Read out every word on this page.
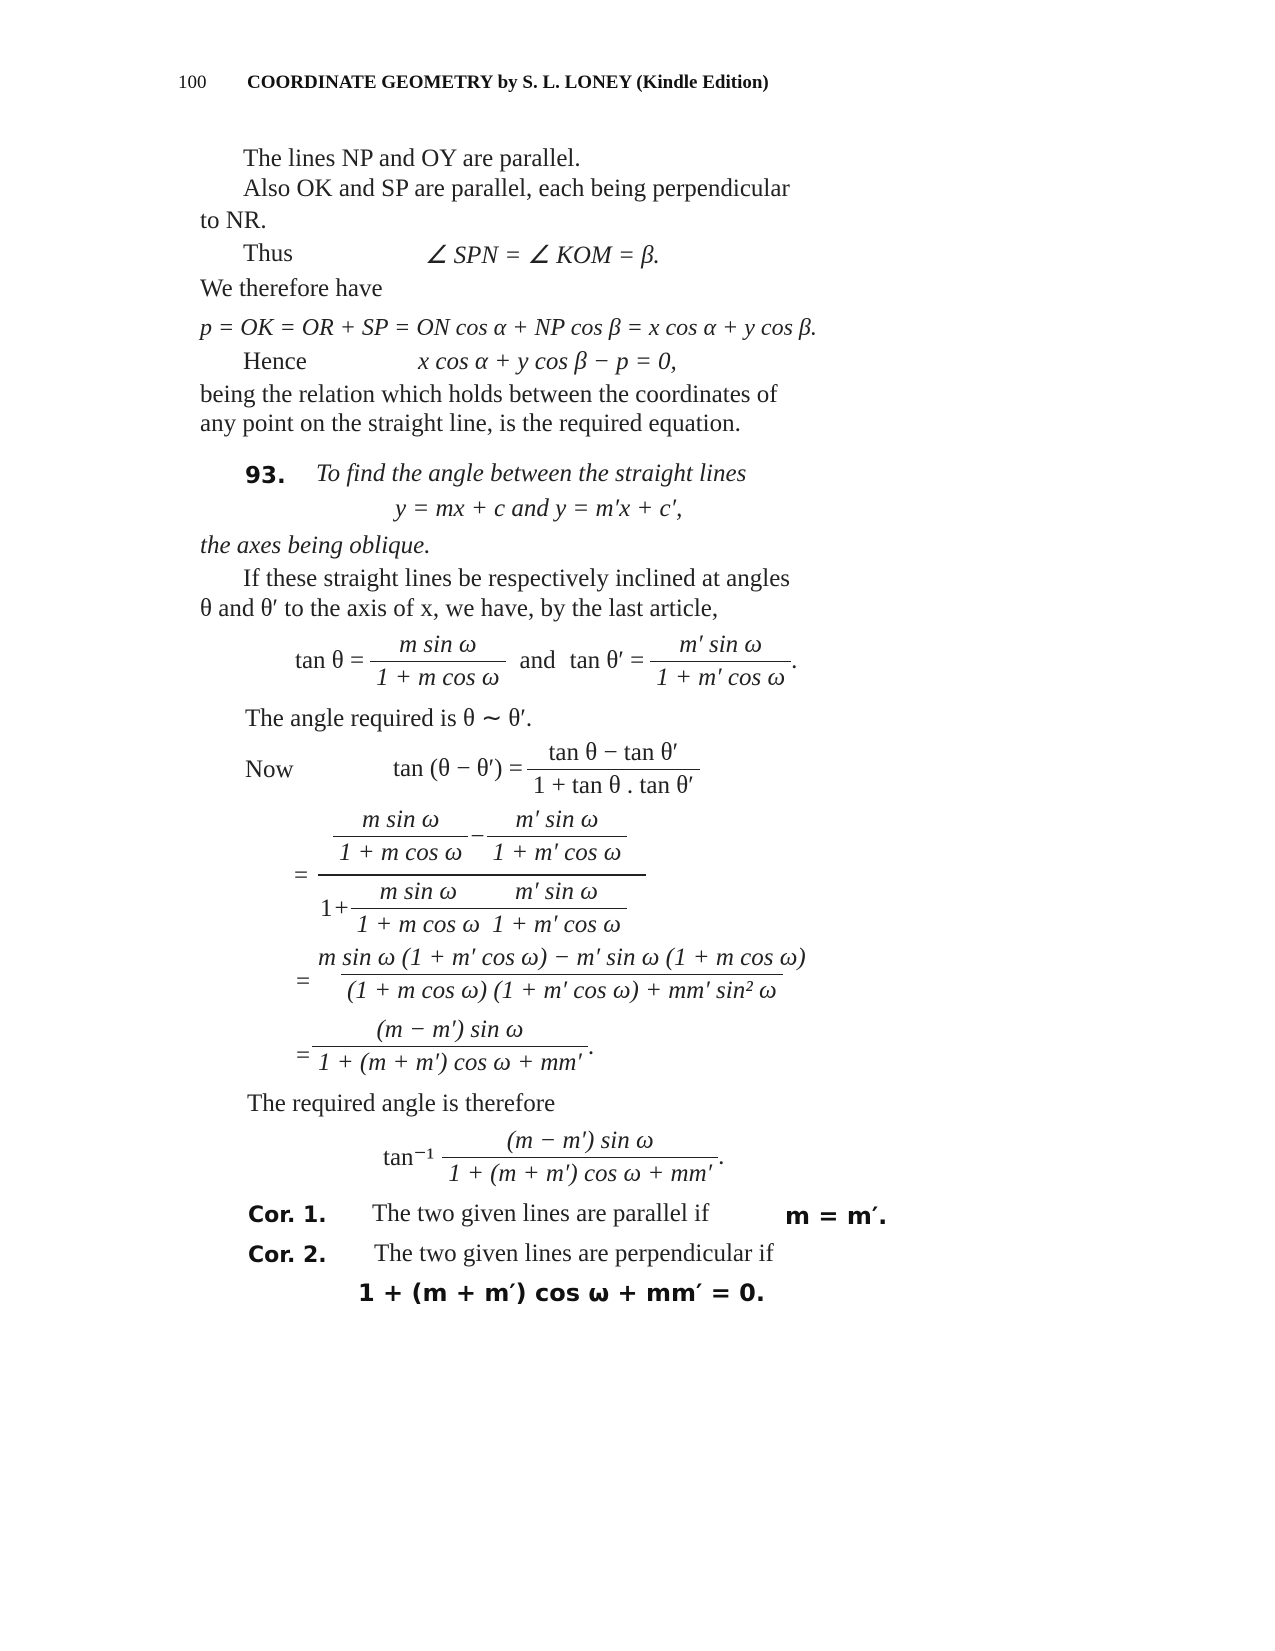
100 COORDINATE GEOMETRY by S. L. LONEY (Kindle Edition)
The lines NP and OY are parallel.
Also OK and SP are parallel, each being perpendicular
to NR.
Thus	∠ SPN = ∠ KOM = β.
We therefore have
p = OK = OR + SP = ON cos α + NP cos β = x cos α + y cos β.
Hence	x cos α + y cos β − p = 0,
being the relation which holds between the coordinates of
any point on the straight line, is the required equation.
93. To find the angle between the straight lines
y = mx + c and y = m′x + c′,
the axes being oblique.
If these straight lines be respectively inclined at angles
θ and θ′ to the axis of x, we have, by the last article,
$\tan \theta = \frac{\text{m sin ω}}{\text{1 + m cos ω}}$ and $\tan \theta' = \frac{\text{m′ sin ω}}{\text{1 + m′ cos ω}}$ .
The angle required is θ ∼ θ′.
Now	$\tan (\theta - \theta') = \frac{\text{tan θ − tan θ′}}{\text{1 + tan θ . tan θ′}}$
=
$\frac{\text{m sin ω}}{\text{1 + m cos ω}} - \frac{\text{m′ sin ω}}{\text{1 + m′ cos ω}}$
$1 + \frac{\text{m sin ω}}{\text{1 + m cos ω}} \frac{\text{m′ sin ω}}{\text{1 + m′ cos ω}}$
= $\frac{\text{m sin ω (1 + m′ cos ω) − m′ sin ω (1 + m cos ω)}}{\text{(1 + m cos ω) (1 + m′ cos ω) + mm′ sin² ω}}$
= $\frac{\text{(m − m′) sin ω}}{\text{1 + (m + m′) cos ω + mm′}}$ .
The required angle is therefore
$\tan^{-1} \frac{\text{(m − m′) sin ω}}{\text{1 + (m + m′) cos ω + mm′}}$ .
Cor. 1. The two given lines are parallel if	m = m′.
Cor. 2. The two given lines are perpendicular if
1 + (m + m′) cos ω + mm′ = 0.
